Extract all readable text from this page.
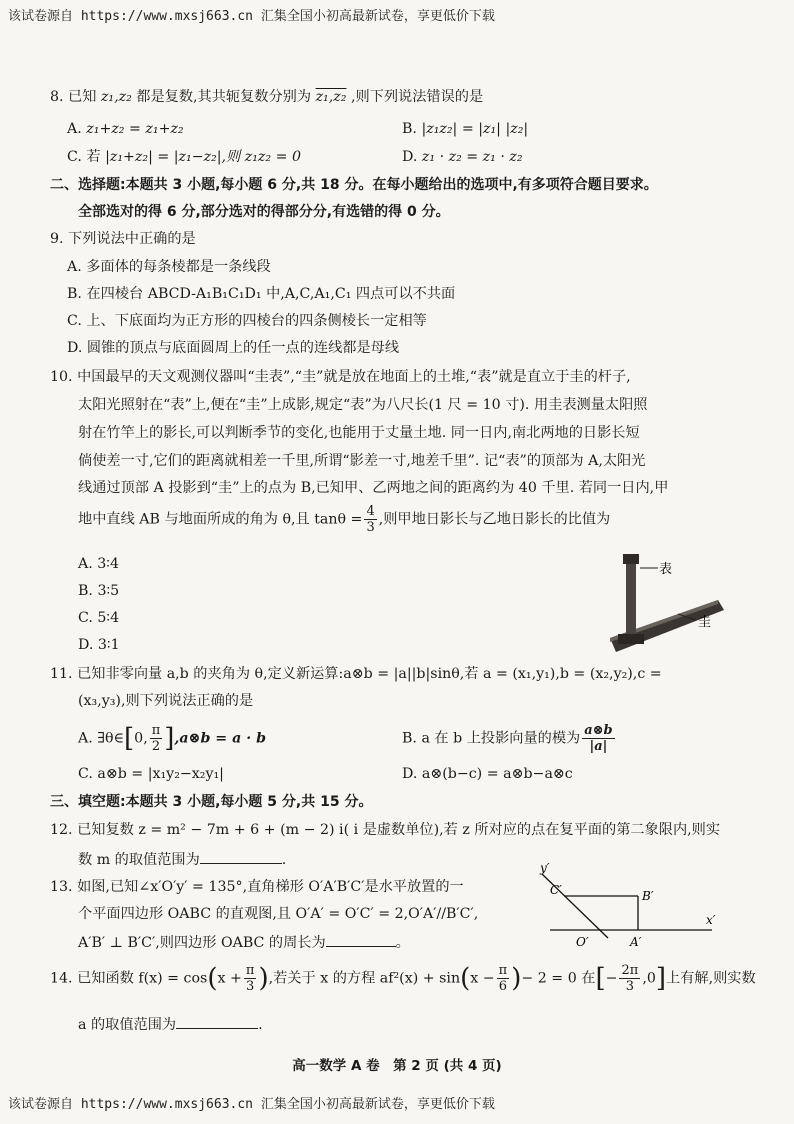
该试卷源自 https://www.mxsj663.cn 汇集全国小初高最新试卷，享更低价下载
8. 已知 z₁,z₂ 都是复数,其共轭复数分别为 z₁,z₂ ,则下列说法错误的是
A. z₁+z₂ = z₁+z₂	B. |z₁z₂| = |z₁| |z₂|
C. 若 |z₁+z₂| = |z₁−z₂|,则 z₁z₂ = 0	D. z₁ · z₂ = z₁ · z₂
二、选择题:本题共 3 小题,每小题 6 分,共 18 分。在每小题给出的选项中,有多项符合题目要求。
全部选对的得 6 分,部分选对的得部分分,有选错的得 0 分。
9. 下列说法中正确的是
A. 多面体的每条棱都是一条线段
B. 在四棱台 ABCD-A₁B₁C₁D₁ 中,A,C,A₁,C₁ 四点可以不共面
C. 上、下底面均为正方形的四棱台的四条侧棱长一定相等
D. 圆锥的顶点与底面圆周上的任一点的连线都是母线
10. 中国最早的天文观测仪器叫“圭表”,“圭”就是放在地面上的土堆,“表”就是直立于圭的杆子,
太阳光照射在“表”上,便在“圭”上成影,规定“表”为八尺长(1 尺 = 10 寸). 用圭表测量太阳照
射在竹竿上的影长,可以判断季节的变化,也能用于丈量土地. 同一日内,南北两地的日影长短
倘使差一寸,它们的距离就相差一千里,所谓“影差一寸,地差千里”. 记“表”的顶部为 A,太阳光
线通过顶部 A 投影到“圭”上的点为 B,已知甲、乙两地之间的距离约为 40 千里. 若同一日内,甲
地中直线 AB 与地面所成的角为 θ,且 $\tan\theta = \frac{4}{3}$ ,则甲地日影长与乙地日影长的比值为
A. 3∶4
B. 3∶5
C. 5∶4
D. 3∶1
表
圭
11. 已知非零向量 a,b 的夹角为 θ,定义新运算:a⊗b = |a||b|sinθ,若 a = (x₁,y₁),b = (x₂,y₂),c =
(x₃,y₃),则下列说法正确的是
A. ∃θ∈[0, $\frac{\pi}{2}$ ],a⊗b = a · b	B. a 在 b 上投影向量的模为 $\frac{a\otimes b}{|a|}$
C. a⊗b = |x₁y₂−x₂y₁|	D. a⊗(b−c) = a⊗b−a⊗c
三、填空题:本题共 3 小题,每小题 5 分,共 15 分。
12. 已知复数 z = m² − 7m + 6 + (m − 2) i( i 是虚数单位),若 z 所对应的点在复平面的第二象限内,则实
数 m 的取值范围为	.
13. 如图,已知∠x′O′y′ = 135°,直角梯形 O′A′B′C′是水平放置的一
个平面四边形 OABC 的直观图,且 O′A′ = O′C′ = 2,O′A′//B′C′,
A′B′ ⊥ B′C′,则四边形 OABC 的周长为	。
y′
x′
C′	B′
O′	A′
14. 已知函数 $f(x) = \cos(x + \frac{\pi}{3}$ ),若关于 x 的方程 $af^2(x) + \sin(x - \frac{\pi}{6}$ )− 2 = 0 在[− $\frac{2\pi}{3} ,0$]上有解,则实数
a 的取值范围为	.
高一数学 A 卷　第 2 页 (共 4 页)
该试卷源自 https://www.mxsj663.cn 汇集全国小初高最新试卷，享更低价下载
